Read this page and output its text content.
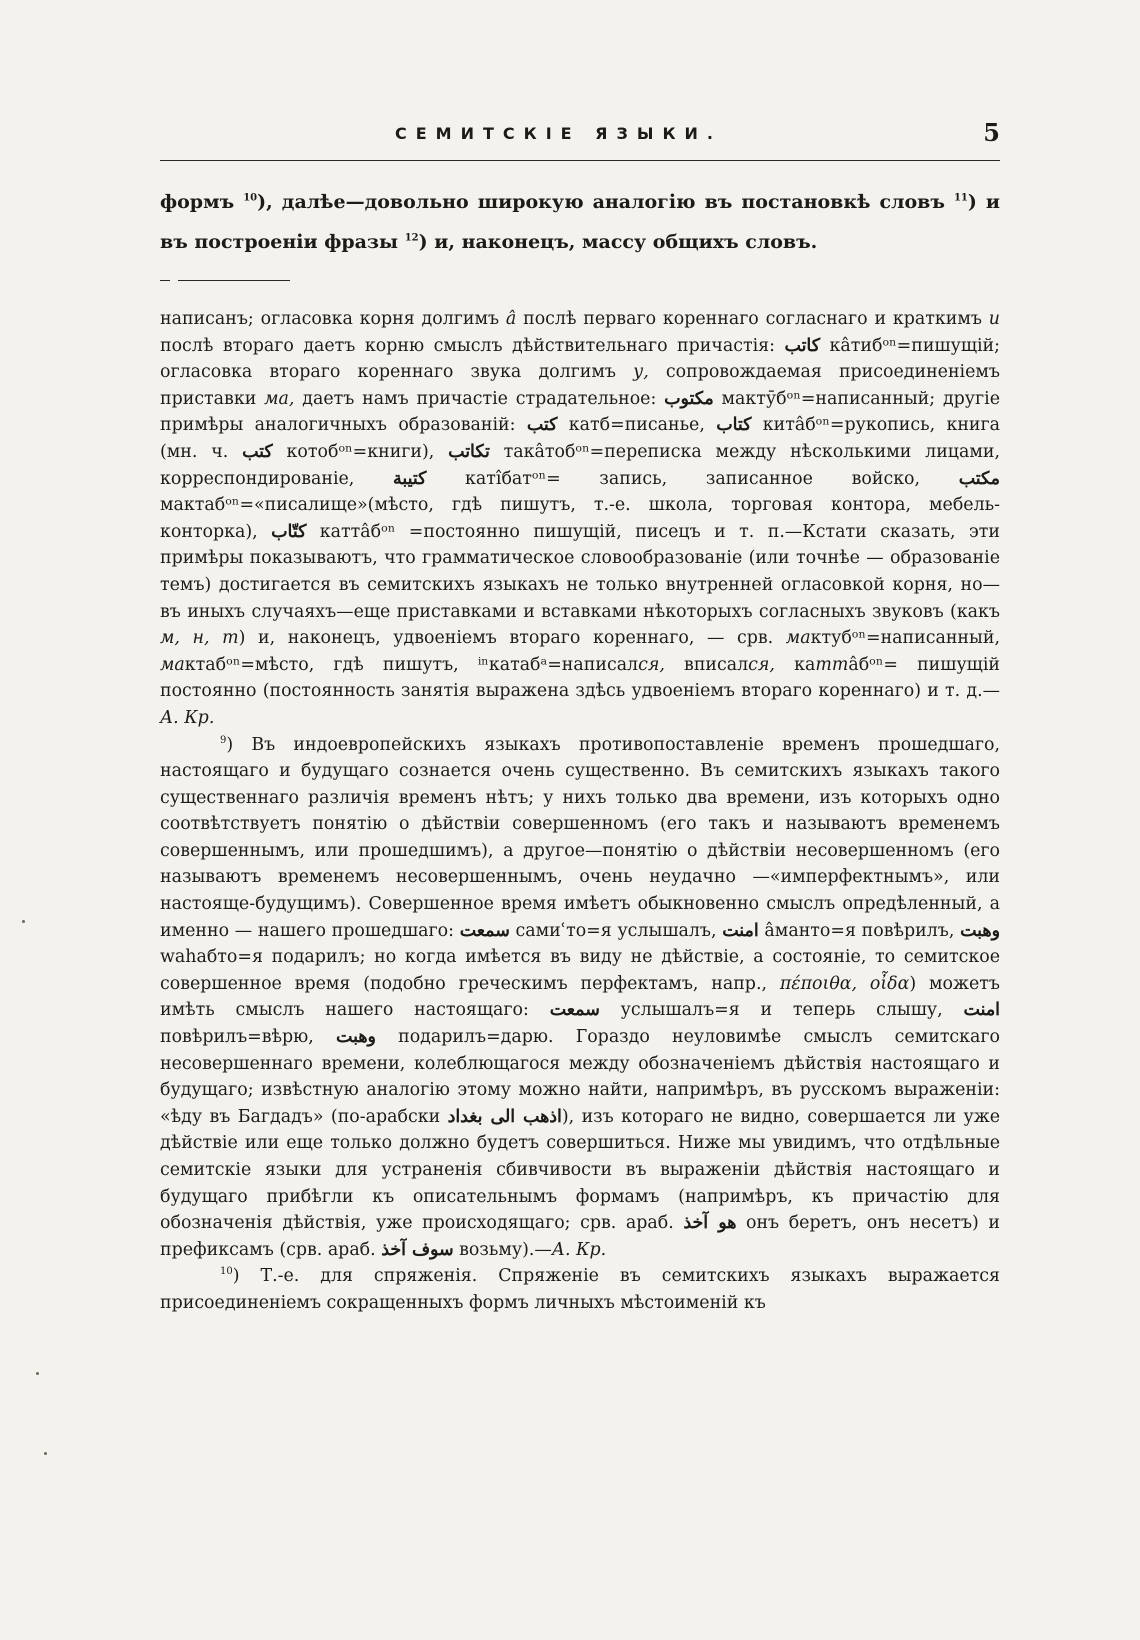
СЕМИТСКІЕ ЯЗЫКИ.	5
формъ $^{10}$), далѣе—довольно широкую аналогію въ постановкѣ словъ $^{11}$) и въ построеніи фразы $^{12}$) и, наконецъ, массу общихъ словъ.

написанъ; огласовка корня долгимъ â послѣ перваго кореннаго согласнаго и краткимъ и послѣ втораго даетъ корню смыслъ дѣйствительнаго причастія: كاتب кâтибᵒⁿ=пишущій; огласовка втораго кореннаго звука долгимъ у, сопровождаемая присоединеніемъ приставки ма, даетъ намъ причастіе страдательное: مكتوب мактӯбᵒⁿ=написанный; другіе примѣры аналогичныхъ образованій: كتب катб=писанье, كتاب китâбᵒⁿ=рукопись, книга (мн. ч. كتب котобᵒⁿ=книги), تكاتب такâтобᵒⁿ=переписка между нѣсколькими лицами, корреспондированіе, كتيبة катîбатᵒⁿ= запись, записанное войско, مكتب мактабᵒⁿ=«писалище»(мѣсто, гдѣ пишутъ, т.-е. школа, торговая контора, мебель-конторка), كتّاب каттâбᵒⁿ =постоянно пишущій, писецъ и т. п.—Кстати сказать, эти примѣры показываютъ, что грамматическое словообразованіе (или точнѣе — образованіе темъ) достигается въ семитскихъ языкахъ не только внутренней огласовкой корня, но—въ иныхъ случаяхъ—еще приставками и вставками нѣкоторыхъ согласныхъ звуковъ (какъ м, н, т) и, наконецъ, удвоеніемъ втораго кореннаго, — срв. мактубᵒⁿ=написанный, мактабᵒⁿ=мѣсто, гдѣ пишутъ, ⁱⁿкатабᵃ=написался, вписался, каттâбᵒⁿ= пишущій постоянно (постоянность занятія выражена здѣсь удвоеніемъ втораго кореннаго) и т. д.—А. Кр.

$^9$) Въ индоевропейскихъ языкахъ противопоставленіе временъ прошедшаго, настоящаго и будущаго сознается очень существенно. Въ семитскихъ языкахъ такого существеннаго различія временъ нѣтъ; у нихъ только два времени, изъ которыхъ одно соотвѣтствуетъ понятію о дѣйствіи совершенномъ (его такъ и называютъ временемъ совершеннымъ, или прошедшимъ), а другое—понятію о дѣйствіи несовершенномъ (его называютъ временемъ несовершеннымъ, очень неудачно —«имперфектнымъ», или настояще-будущимъ). Совершенное время имѣетъ обыкновенно смыслъ опредѣленный, а именно — нашего прошедшаго: سمعت самиʿто=я услышалъ, امنت âманто=я повѣрилъ, وهبت wahабто=я подарилъ; но когда имѣется въ виду не дѣйствіе, а состояніе, то семитское совершенное время (подобно греческимъ перфектамъ, напр., πέποιθα, οἶδα) можетъ имѣть смыслъ нашего настоящаго: سمعت услышалъ=я и теперь слышу, امنت повѣрилъ=вѣрю, وهبت подарилъ=дарю. Гораздо неуловимѣе смыслъ семитскаго несовершеннаго времени, колеблющагося между обозначеніемъ дѣйствія настоящаго и будущаго; извѣстную аналогію этому можно найти, напримѣръ, въ русскомъ выраженіи: «ѣду въ Багдадъ» (по-арабски اذهب الى بغداد), изъ котораго не видно, совершается ли уже дѣйствіе или еще только должно будетъ совершиться. Ниже мы увидимъ, что отдѣльные семитскіе языки для устраненія сбивчивости въ выраженіи дѣйствія настоящаго и будущаго прибѣгли къ описательнымъ формамъ (напримѣръ, къ причастію для обозначенія дѣйствія, уже происходящаго; срв. араб. هو آخذ онъ беретъ, онъ несетъ) и префиксамъ (срв. араб. سوف آخذ возьму).—А. Кр.

$^{10}$) Т.-е. для спряженія. Спряженіе въ семитскихъ языкахъ выражается присоединеніемъ сокращенныхъ формъ личныхъ мѣстоименій къ
